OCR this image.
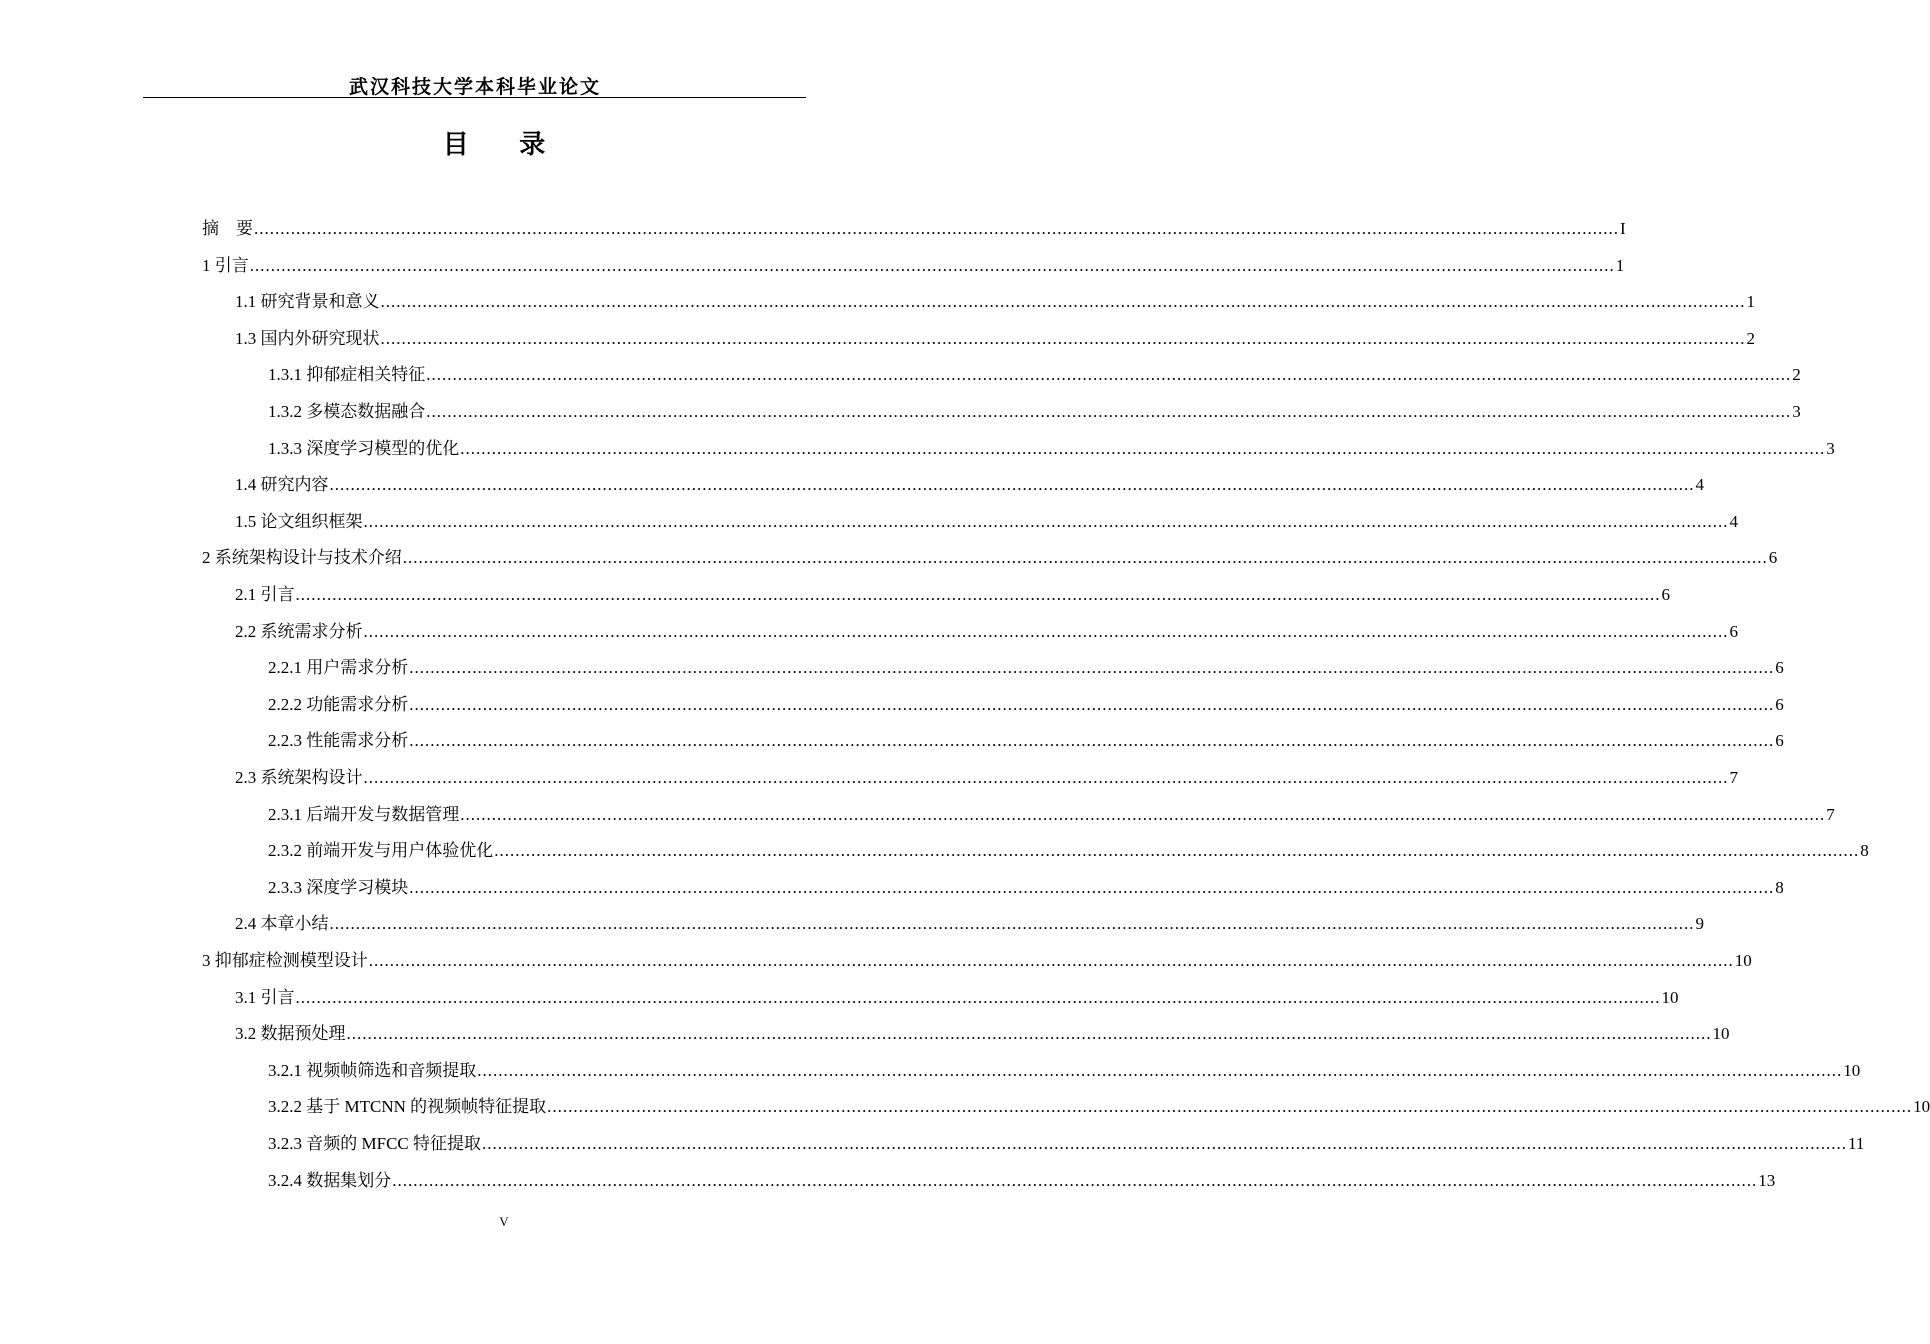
武汉科技大学本科毕业论文
目 录
摘　要 .................................................................................................................................................................................................................................................................... I
1 引言 .................................................................................................................................................................................................................................................................... 1
1.1 研究背景和意义 .................................................................................................................................................................................................................................................................... 1
1.3 国内外研究现状 .................................................................................................................................................................................................................................................................... 2
1.3.1 抑郁症相关特征 .................................................................................................................................................................................................................................................................... 2
1.3.2 多模态数据融合 .................................................................................................................................................................................................................................................................... 3
1.3.3 深度学习模型的优化 .................................................................................................................................................................................................................................................................... 3
1.4 研究内容 .................................................................................................................................................................................................................................................................... 4
1.5 论文组织框架 .................................................................................................................................................................................................................................................................... 4
2 系统架构设计与技术介绍 .................................................................................................................................................................................................................................................................... 6
2.1 引言 .................................................................................................................................................................................................................................................................... 6
2.2 系统需求分析 .................................................................................................................................................................................................................................................................... 6
2.2.1 用户需求分析 .................................................................................................................................................................................................................................................................... 6
2.2.2 功能需求分析 .................................................................................................................................................................................................................................................................... 6
2.2.3 性能需求分析 .................................................................................................................................................................................................................................................................... 6
2.3 系统架构设计 .................................................................................................................................................................................................................................................................... 7
2.3.1 后端开发与数据管理 .................................................................................................................................................................................................................................................................... 7
2.3.2 前端开发与用户体验优化 .................................................................................................................................................................................................................................................................... 8
2.3.3 深度学习模块 .................................................................................................................................................................................................................................................................... 8
2.4 本章小结 .................................................................................................................................................................................................................................................................... 9
3 抑郁症检测模型设计 .................................................................................................................................................................................................................................................................... 10
3.1 引言 .................................................................................................................................................................................................................................................................... 10
3.2 数据预处理 .................................................................................................................................................................................................................................................................... 10
3.2.1 视频帧筛选和音频提取 .................................................................................................................................................................................................................................................................... 10
3.2.2 基于 MTCNN 的视频帧特征提取 .................................................................................................................................................................................................................................................................... 10
3.2.3 音频的 MFCC 特征提取 .................................................................................................................................................................................................................................................................... 11
3.2.4 数据集划分 .................................................................................................................................................................................................................................................................... 13
V
